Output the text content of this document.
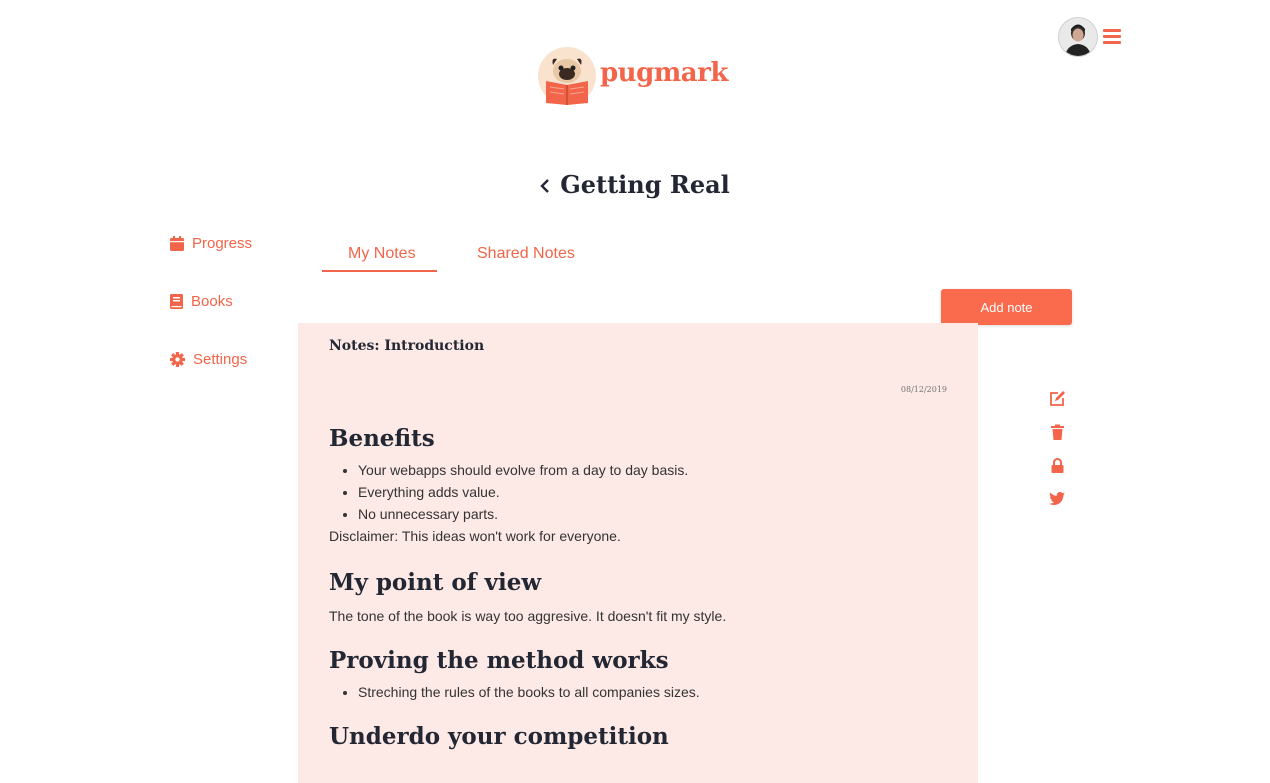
pugmark
Getting Real
Progress
Books
Settings
My Notes	Shared Notes
Add note
Notes: Introduction
08/12/2019
Benefits
• Your webapps should evolve from a day to day basis.
• Everything adds value.
• No unnecessary parts.

Disclaimer: This ideas won't work for everyone.

My point of view

The tone of the book is way too aggresive. It doesn't fit my style.

Proving the method works
• Streching the rules of the books to all companies sizes.
Underdo your competition
